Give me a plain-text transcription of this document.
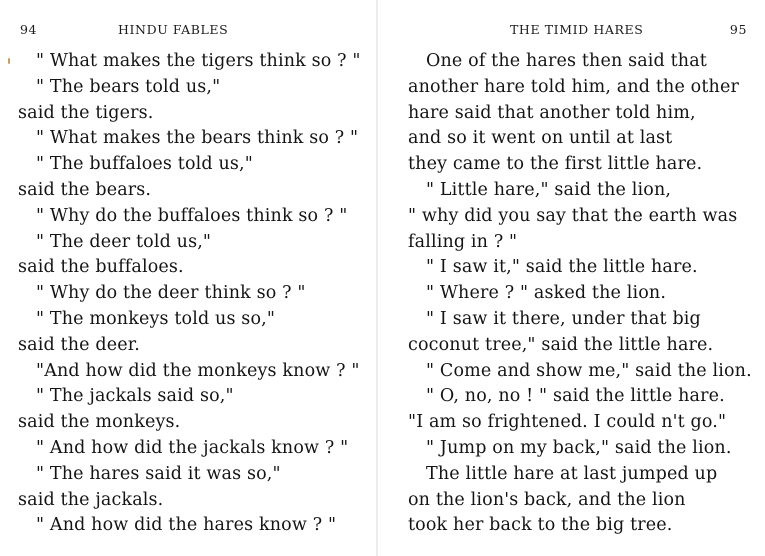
94	HINDU FABLES
" What makes the tigers think so ? "
" The bears told us,"
said the tigers.
" What makes the bears think so ? "
" The buffaloes told us,"
said the bears.
" Why do the buffaloes think so ? "
" The deer told us,"
said the buffaloes.
" Why do the deer think so ? "
" The monkeys told us so,"
said the deer.
"And how did the monkeys know ? "
" The jackals said so,"
said the monkeys.
" And how did the jackals know ? "
" The hares said it was so,"
said the jackals.
" And how did the hares know ? "
THE TIMID HARES	95
One of the hares then said that
another hare told him, and the other
hare said that another told him,
and so it went on until at last
they came to the first little hare.
" Little hare," said the lion,
" why did you say that the earth was
falling in ? "
" I saw it," said the little hare.
" Where ? " asked the lion.
" I saw it there, under that big
coconut tree," said the little hare.
" Come and show me," said the lion.
" O, no, no ! " said the little hare.
"I am so frightened. I could n't go."
" Jump on my back," said the lion.
The little hare at last jumped up
on the lion's back, and the lion
took her back to the big tree.
